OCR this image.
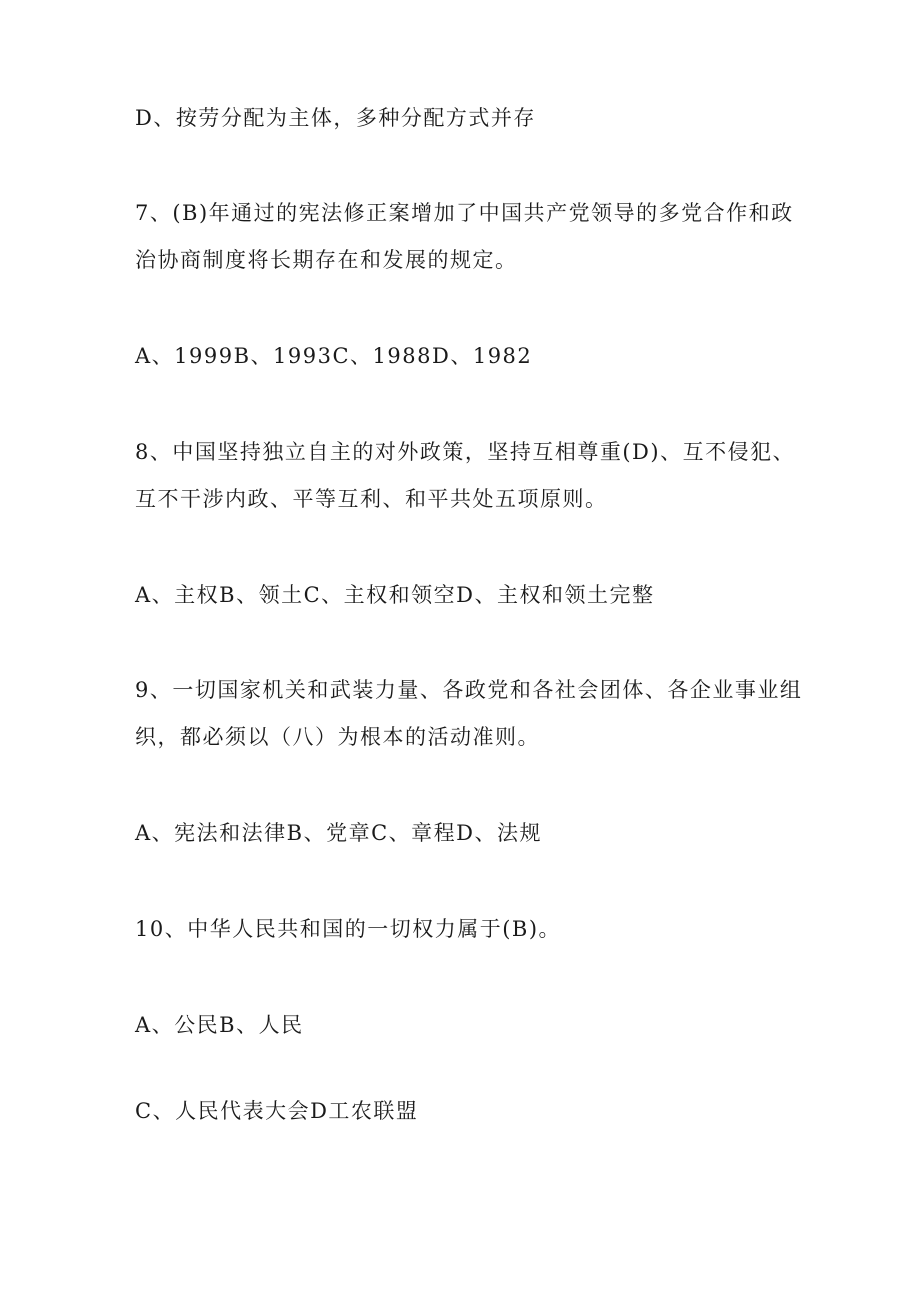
D、按劳分配为主体，多种分配方式并存
7、(B)年通过的宪法修正案增加了中国共产党领导的多党合作和政
治协商制度将长期存在和发展的规定。
A、1999B、1993C、1988D、1982
8、中国坚持独立自主的对外政策，坚持互相尊重(D)、互不侵犯、
互不干涉内政、平等互利、和平共处五项原则。
A、主权B、领土C、主权和领空D、主权和领土完整
9、一切国家机关和武装力量、各政党和各社会团体、各企业事业组
织，都必须以（八）为根本的活动准则。
A、宪法和法律B、党章C、章程D、法规
10、中华人民共和国的一切权力属于(B)。
A、公民B、人民
C、人民代表大会D工农联盟
